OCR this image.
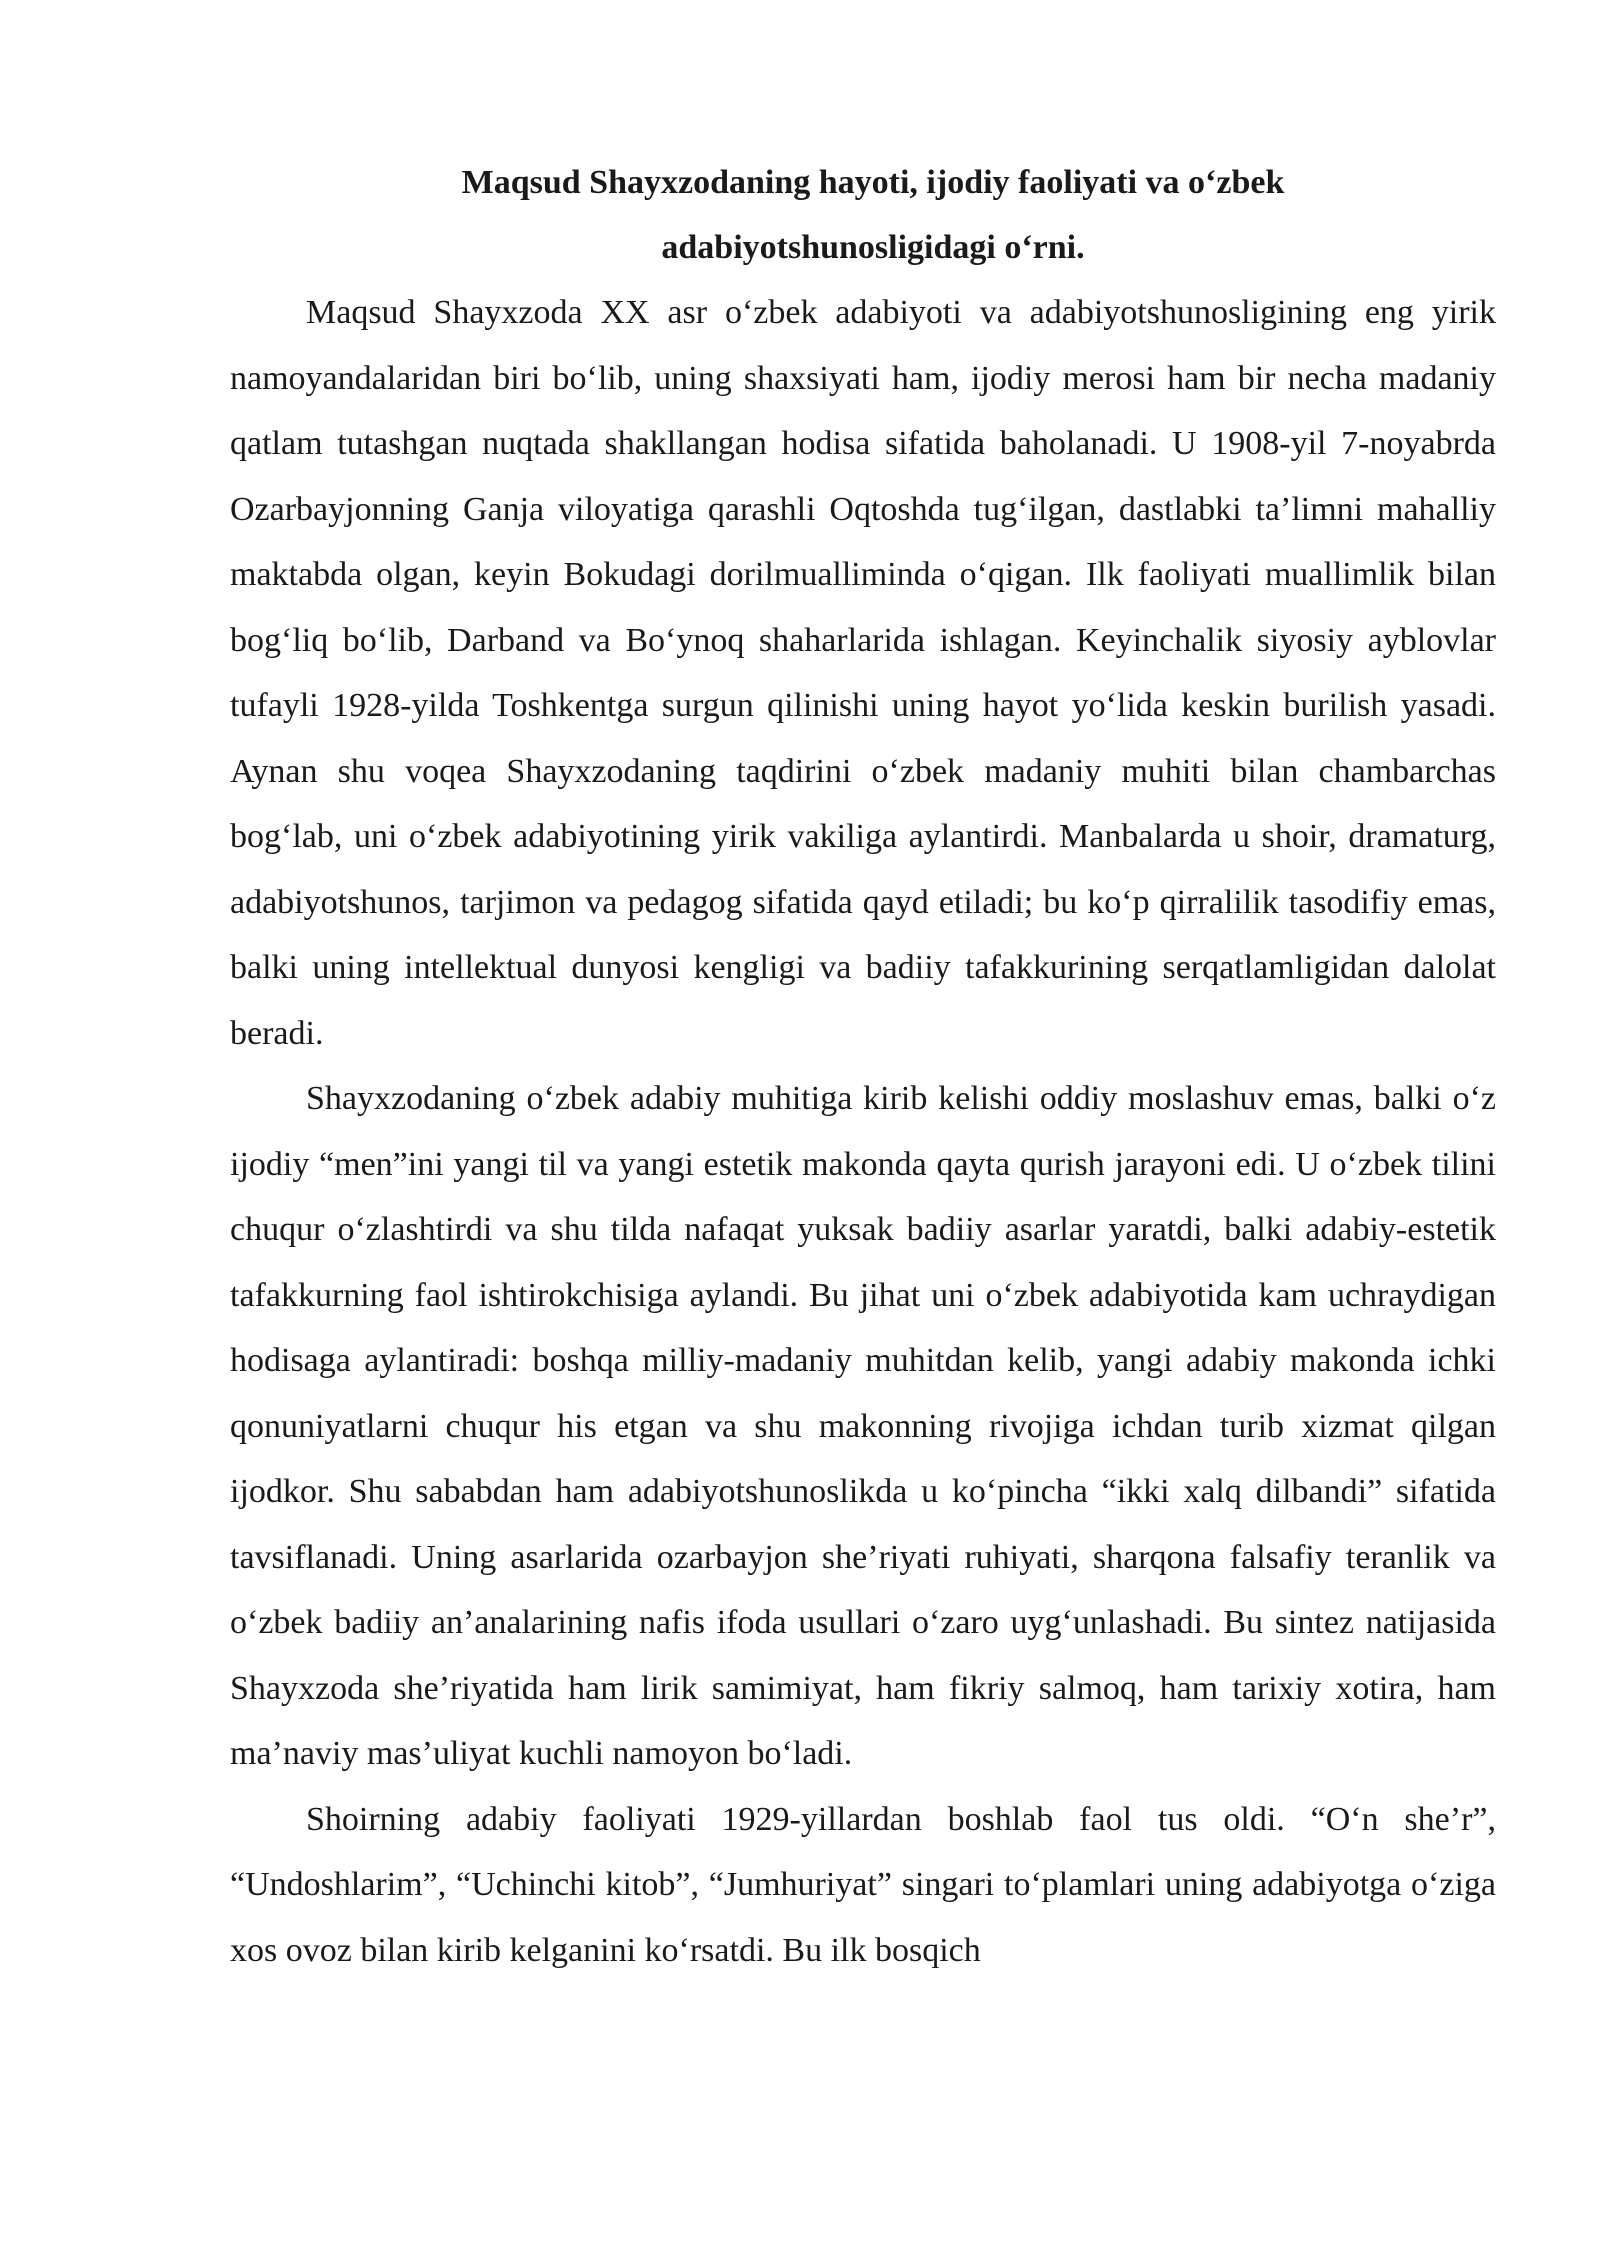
Maqsud Shayxzodaning hayoti, ijodiy faoliyati va o‘zbek
adabiyotshunosligidagi o‘rni.

Maqsud Shayxzoda XX asr o‘zbek adabiyoti va adabiyotshunosligining eng yirik namoyandalaridan biri bo‘lib, uning shaxsiyati ham, ijodiy merosi ham bir necha madaniy qatlam tutashgan nuqtada shakllangan hodisa sifatida baholanadi. U 1908-yil 7-noyabrda Ozarbayjonning Ganja viloyatiga qarashli Oqtoshda tug‘ilgan, dastlabki ta’limni mahalliy maktabda olgan, keyin Bokudagi dorilmualliminda o‘qigan. Ilk faoliyati muallimlik bilan bog‘liq bo‘lib, Darband va Bo‘ynoq shaharlarida ishlagan. Keyinchalik siyosiy ayblovlar tufayli 1928-yilda Toshkentga surgun qilinishi uning hayot yo‘lida keskin burilish yasadi. Aynan shu voqea Shayxzodaning taqdirini o‘zbek madaniy muhiti bilan chambarchas bog‘lab, uni o‘zbek adabiyotining yirik vakiliga aylantirdi. Manbalarda u shoir, dramaturg, adabiyotshunos, tarjimon va pedagog sifatida qayd etiladi; bu ko‘p qirralilik tasodifiy emas, balki uning intellektual dunyosi kengligi va badiiy tafakkurining serqatlamligidan dalolat beradi.

Shayxzodaning o‘zbek adabiy muhitiga kirib kelishi oddiy moslashuv emas, balki o‘z ijodiy “men”ini yangi til va yangi estetik makonda qayta qurish jarayoni edi. U o‘zbek tilini chuqur o‘zlashtirdi va shu tilda nafaqat yuksak badiiy asarlar yaratdi, balki adabiy-estetik tafakkurning faol ishtirokchisiga aylandi. Bu jihat uni o‘zbek adabiyotida kam uchraydigan hodisaga aylantiradi: boshqa milliy-madaniy muhitdan kelib, yangi adabiy makonda ichki qonuniyatlarni chuqur his etgan va shu makonning rivojiga ichdan turib xizmat qilgan ijodkor. Shu sababdan ham adabiyotshunoslikda u ko‘pincha “ikki xalq dilbandi” sifatida tavsiflanadi. Uning asarlarida ozarbayjon she’riyati ruhiyati, sharqona falsafiy teranlik va o‘zbek badiiy an’analarining nafis ifoda usullari o‘zaro uyg‘unlashadi. Bu sintez natijasida Shayxzoda she’riyatida ham lirik samimiyat, ham fikriy salmoq, ham tarixiy xotira, ham ma’naviy mas’uliyat kuchli namoyon bo‘ladi.

Shoirning adabiy faoliyati 1929-yillardan boshlab faol tus oldi. “O‘n she’r”, “Undoshlarim”, “Uchinchi kitob”, “Jumhuriyat” singari to‘plamlari uning adabiyotga o‘ziga xos ovoz bilan kirib kelganini ko‘rsatdi. Bu ilk bosqich
